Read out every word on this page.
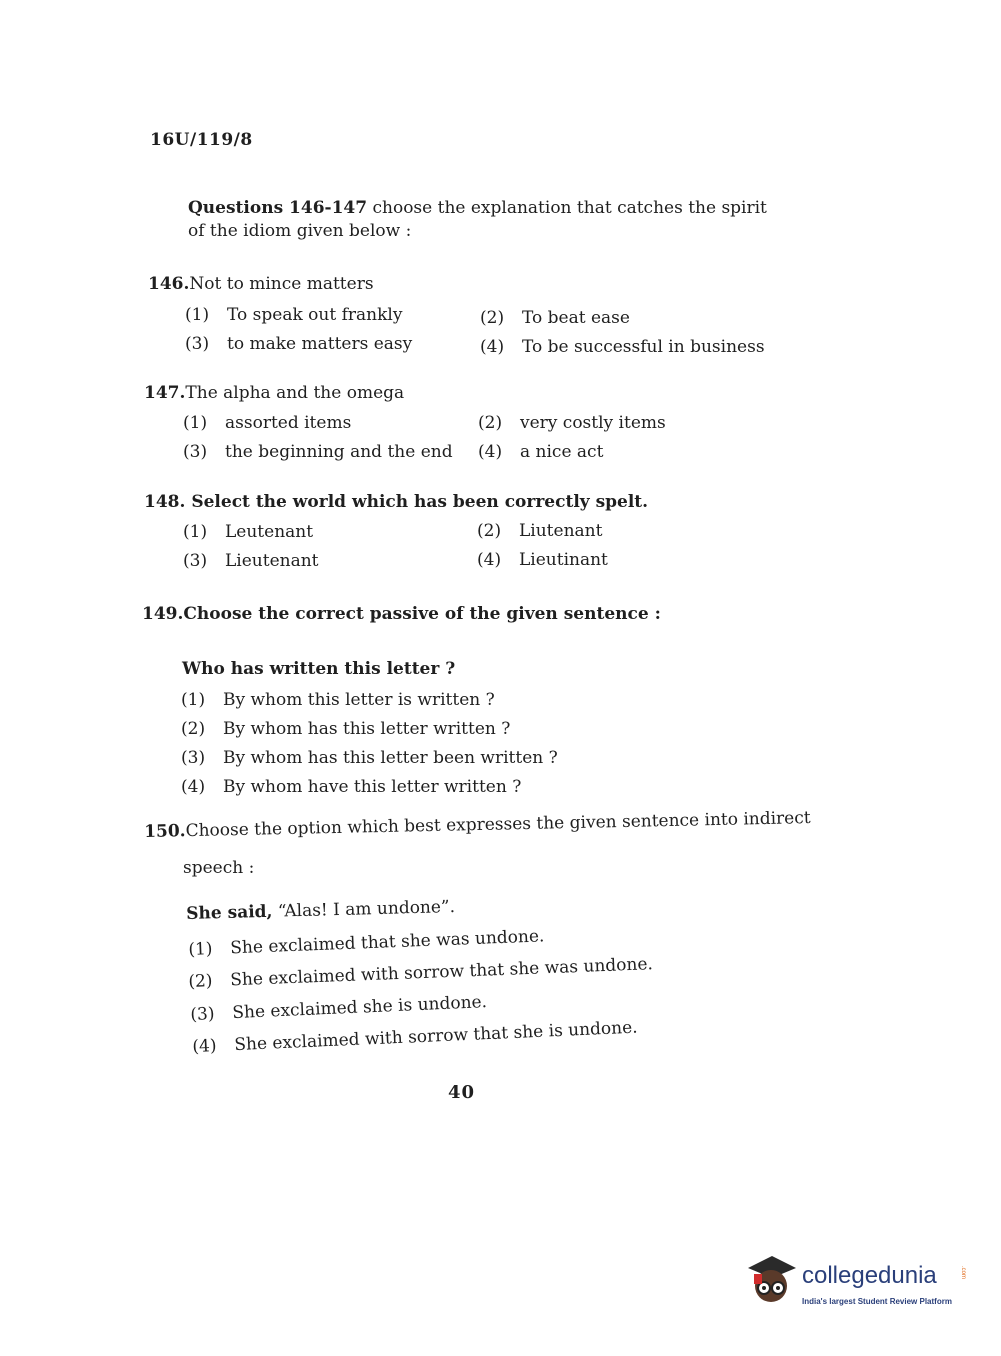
16U/119/8
Questions 146-147 choose the explanation that catches the spirit of the idiom given below :
146.Not to mince matters
(1) To speak out frankly	(2) To beat ease
(3) to make matters easy	(4) To be successful in business
147.The alpha and the omega
(1) assorted items	(2) very costly items
(3) the beginning and the end (4) a nice act
148. Select the world which has been correctly spelt.
(1) Leutenant	(2) Liutenant
(3) Lieutenant	(4) Lieutinant
149.Choose the correct passive of the given sentence :
Who has written this letter ?
(1) By whom this letter is written ?
(2) By whom has this letter written ?
(3) By whom has this letter been written ?
(4) By whom have this letter written ?
150.Choose the option which best expresses the given sentence into indirect
speech :
She said, “Alas! I am undone”.
(1) She exclaimed that she was undone.
(2) She exclaimed with sorrow that she was undone.
(3) She exclaimed she is undone.
(4) She exclaimed with sorrow that she is undone.
40
collegedunia	.com
India's largest Student Review Platform
